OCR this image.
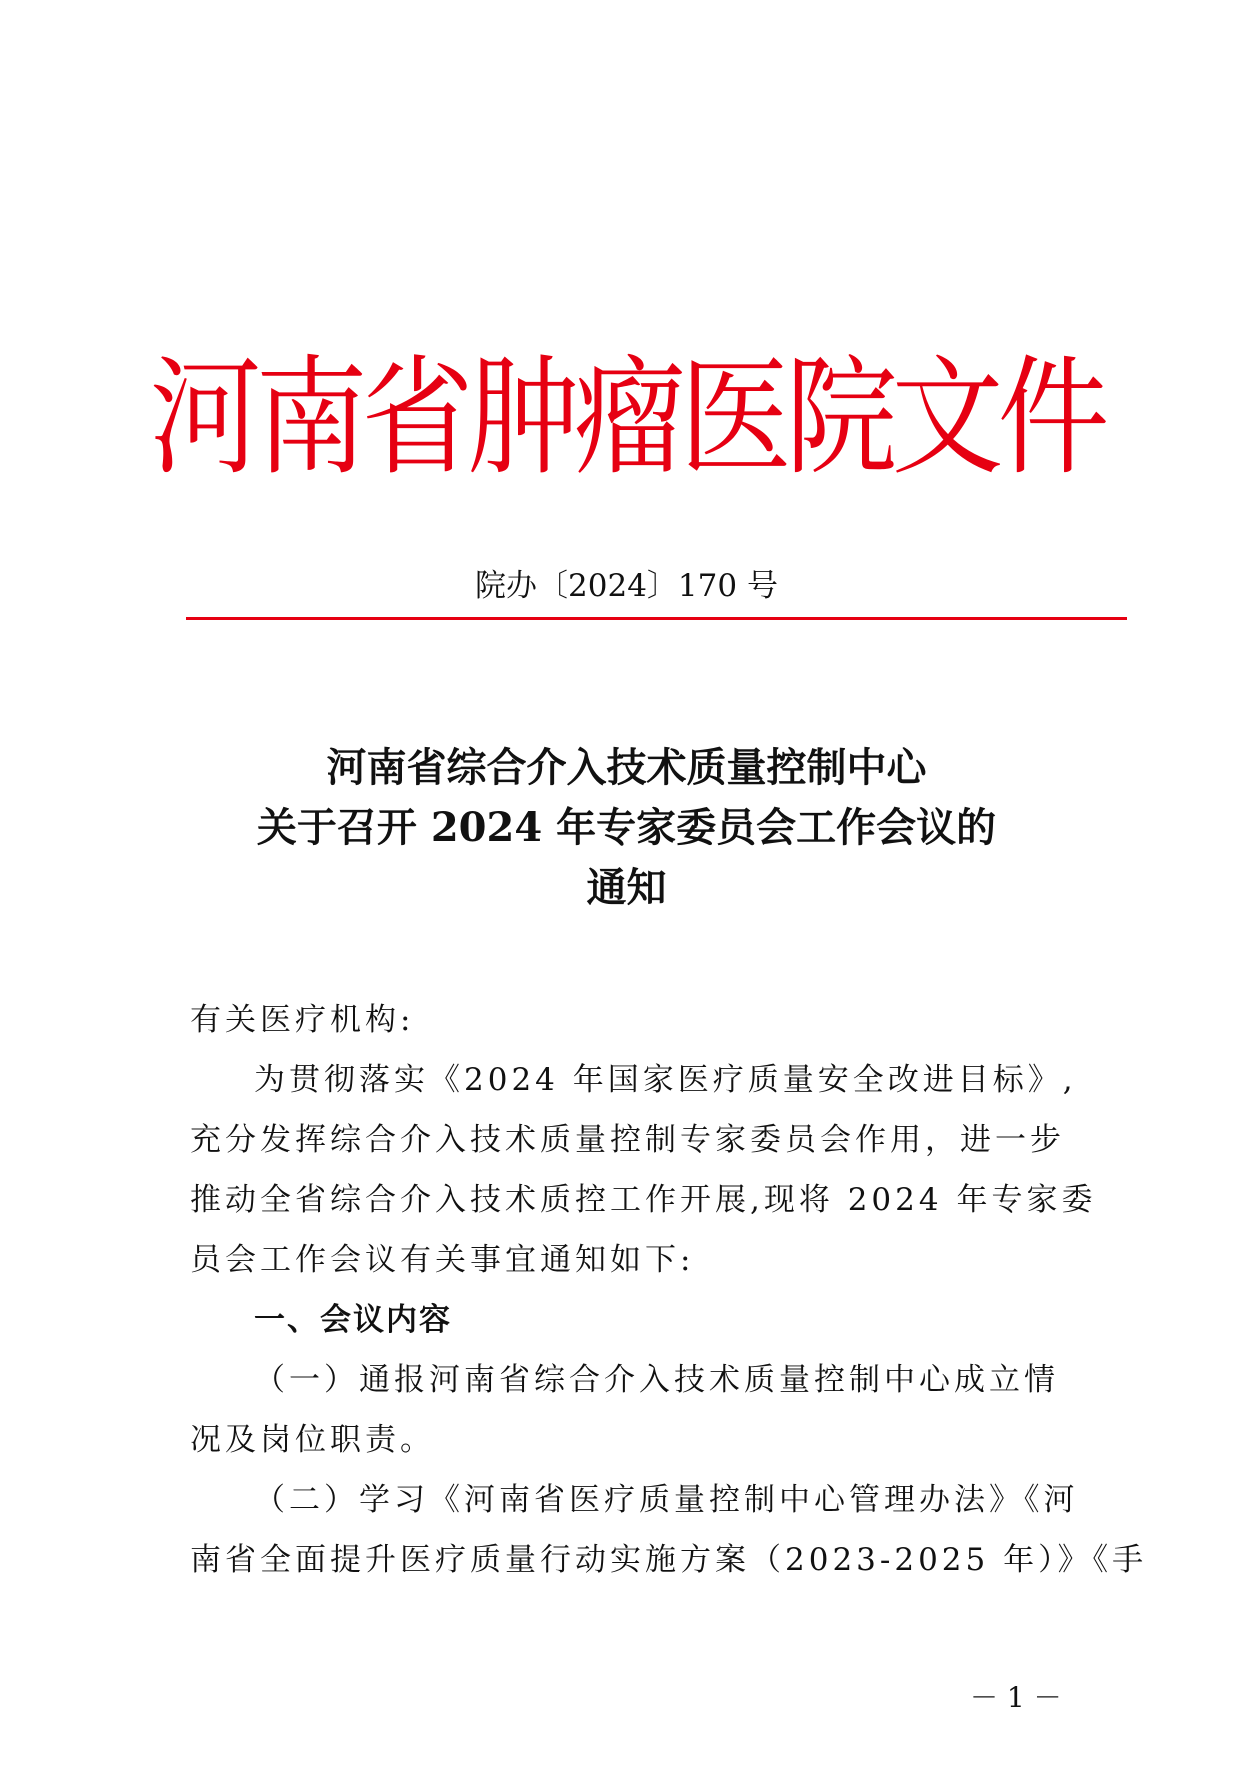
河南省肿瘤医院文件
院办〔2024〕170 号
河南省综合介入技术质量控制中心
关于召开 2024 年专家委员会工作会议的
通知
有关医疗机构:
为贯彻落实《2024 年国家医疗质量安全改进目标》,
充分发挥综合介入技术质量控制专家委员会作用，进一步
推动全省综合介入技术质控工作开展,现将 2024 年专家委
员会工作会议有关事宜通知如下:
一、会议内容
（一）通报河南省综合介入技术质量控制中心成立情
况及岗位职责。
（二）学习《河南省医疗质量控制中心管理办法》《河
南省全面提升医疗质量行动实施方案（2023-2025 年）》《手
－ 1 －
